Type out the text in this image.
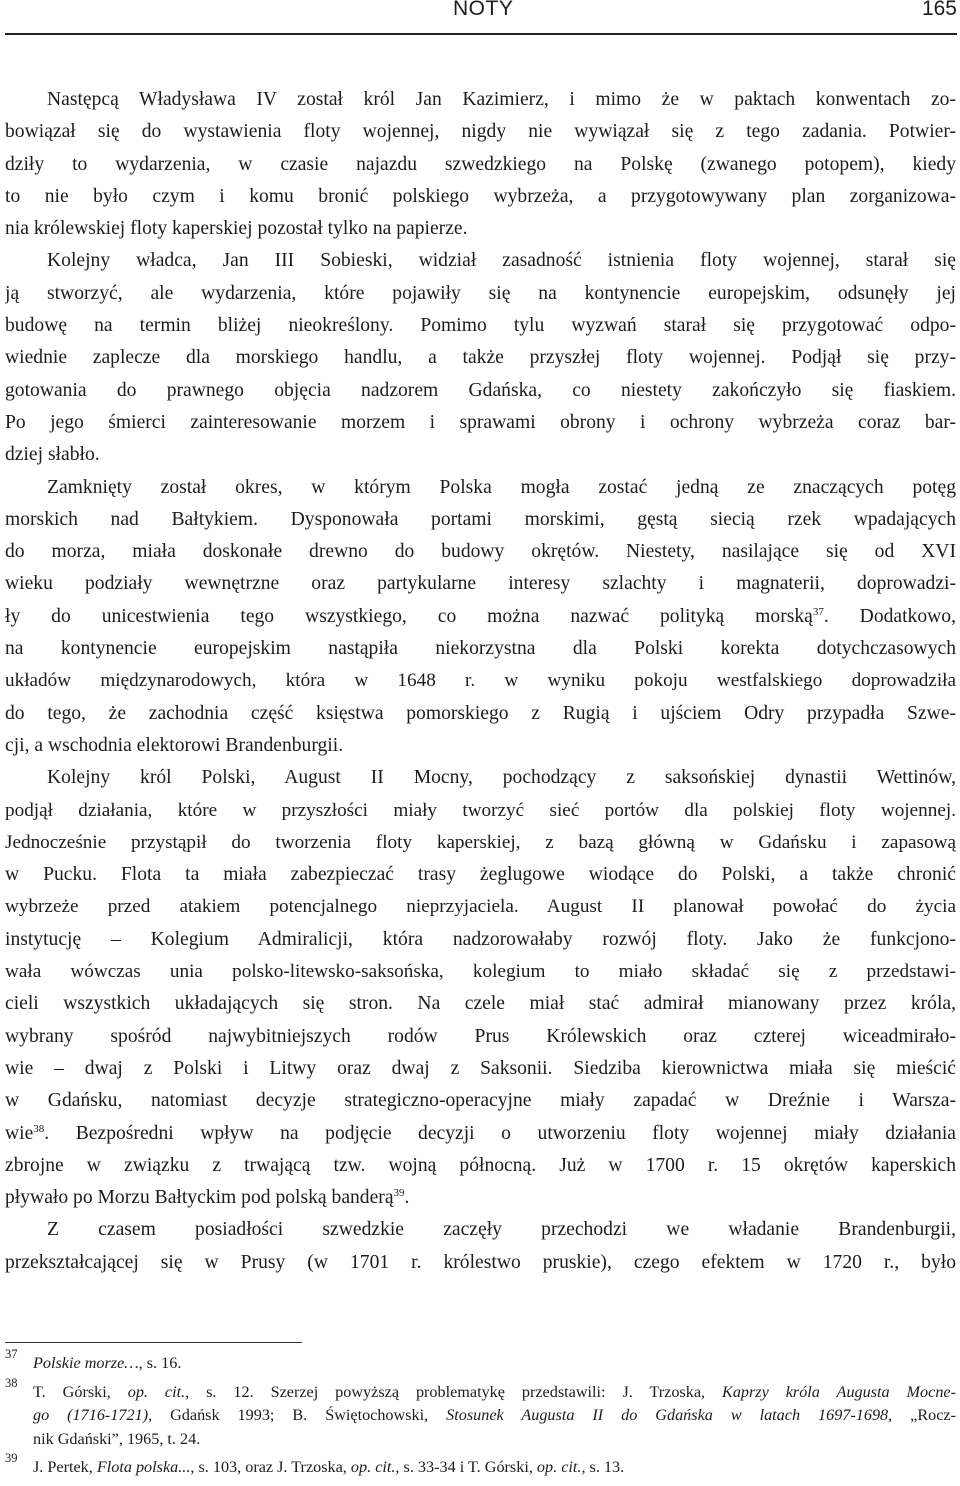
NOTY	165
Następcą Władysława IV został król Jan Kazimierz, i mimo że w paktach konwentach zo-
bowiązał się do wystawienia floty wojennej, nigdy nie wywiązał się z tego zadania. Potwier-
dziły to wydarzenia, w czasie najazdu szwedzkiego na Polskę (zwanego potopem), kiedy
to nie było czym i komu bronić polskiego wybrzeża, a przygotowywany plan zorganizowa-
nia królewskiej floty kaperskiej pozostał tylko na papierze.
Kolejny władca, Jan III Sobieski, widział zasadność istnienia floty wojennej, starał się
ją stworzyć, ale wydarzenia, które pojawiły się na kontynencie europejskim, odsunęły jej
budowę na termin bliżej nieokreślony. Pomimo tylu wyzwań starał się przygotować odpo-
wiednie zaplecze dla morskiego handlu, a także przyszłej floty wojennej. Podjął się przy-
gotowania do prawnego objęcia nadzorem Gdańska, co niestety zakończyło się fiaskiem.
Po jego śmierci zainteresowanie morzem i sprawami obrony i ochrony wybrzeża coraz bar-
dziej słabło.
Zamknięty został okres, w którym Polska mogła zostać jedną ze znaczących potęg
morskich nad Bałtykiem. Dysponowała portami morskimi, gęstą siecią rzek wpadających
do morza, miała doskonałe drewno do budowy okrętów. Niestety, nasilające się od XVI
wieku podziały wewnętrzne oraz partykularne interesy szlachty i magnaterii, doprowadzi-
ły do unicestwienia tego wszystkiego, co można nazwać polityką morską$^{37}$. Dodatkowo,
na kontynencie europejskim nastąpiła niekorzystna dla Polski korekta dotychczasowych
układów międzynarodowych, która w 1648 r. w wyniku pokoju westfalskiego doprowadziła
do tego, że zachodnia część księstwa pomorskiego z Rugią i ujściem Odry przypadła Szwe-
cji, a wschodnia elektorowi Brandenburgii.
Kolejny król Polski, August II Mocny, pochodzący z saksońskiej dynastii Wettinów,
podjął działania, które w przyszłości miały tworzyć sieć portów dla polskiej floty wojennej.
Jednocześnie przystąpił do tworzenia floty kaperskiej, z bazą główną w Gdańsku i zapasową
w Pucku. Flota ta miała zabezpieczać trasy żeglugowe wiodące do Polski, a także chronić
wybrzeże przed atakiem potencjalnego nieprzyjaciela. August II planował powołać do życia
instytucję – Kolegium Admiralicji, która nadzorowałaby rozwój floty. Jako że funkcjono-
wała wówczas unia polsko-litewsko-saksońska, kolegium to miało składać się z przedstawi-
cieli wszystkich układających się stron. Na czele miał stać admirał mianowany przez króla,
wybrany spośród najwybitniejszych rodów Prus Królewskich oraz czterej wiceadmirało-
wie – dwaj z Polski i Litwy oraz dwaj z Saksonii. Siedziba kierownictwa miała się mieścić
w Gdańsku, natomiast decyzje strategiczno-operacyjne miały zapadać w Dreźnie i Warsza-
wie$^{38}$. Bezpośredni wpływ na podjęcie decyzji o utworzeniu floty wojennej miały działania
zbrojne w związku z trwającą tzw. wojną północną. Już w 1700 r. 15 okrętów kaperskich
pływało po Morzu Bałtyckim pod polską banderą$^{39}$.
Z czasem posiadłości szwedzkie zaczęły przechodzi we władanie Brandenburgii,
przekształcającej się w Prusy (w 1701 r. królestwo pruskie), czego efektem w 1720 r., było
37 Polskie morze…, s. 16.
38 T. Górski, op. cit., s. 12. Szerzej powyższą problematykę przedstawili: J. Trzoska, Kaprzy króla Augusta Mocne-
go (1716-1721), Gdańsk 1993; B. Świętochowski, Stosunek Augusta II do Gdańska w latach 1697-1698, „Rocz-
nik Gdański”, 1965, t. 24.
39 J. Pertek, Flota polska..., s. 103, oraz J. Trzoska, op. cit., s. 33-34 i T. Górski, op. cit., s. 13.
